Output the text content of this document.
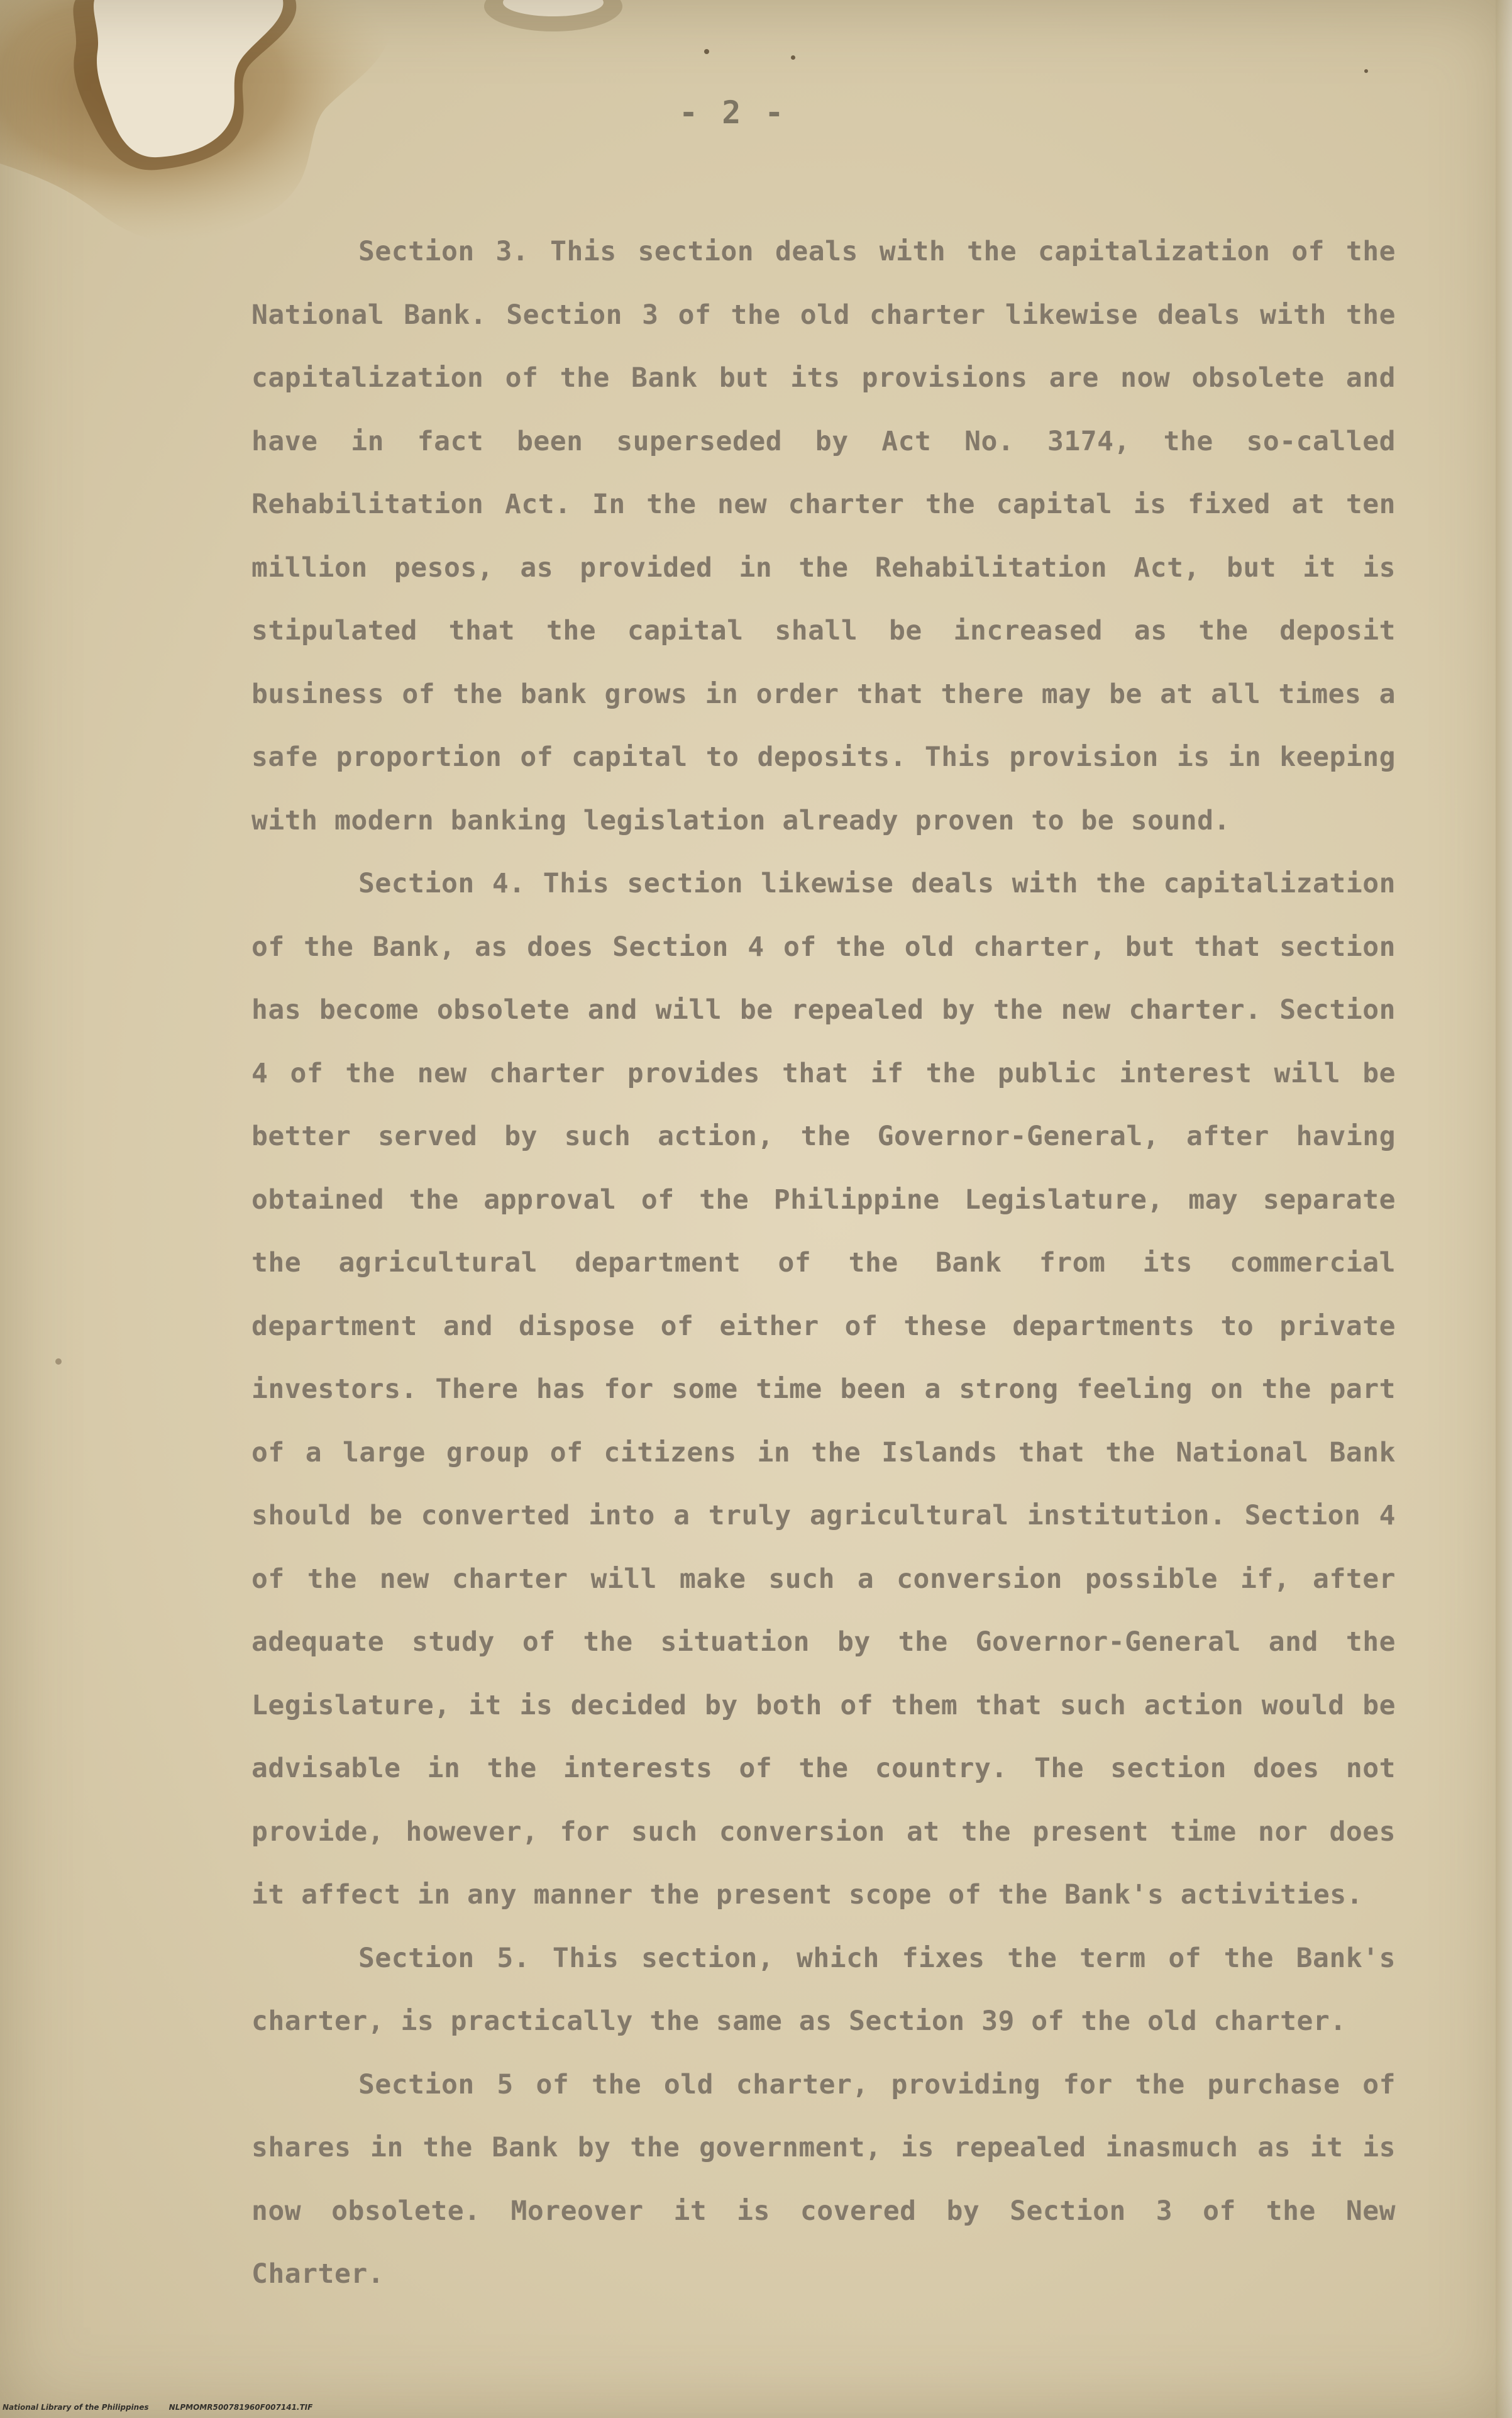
- 2 -

Section 3. This section deals with the capitalization of the National Bank. Section 3 of the old charter likewise deals with the capitalization of the Bank but its provisions are now obsolete and have in fact been superseded by Act No. 3174, the so-called Rehabilitation Act. In the new charter the capital is fixed at ten million pesos, as provided in the Rehabilitation Act, but it is stipulated that the capital shall be increased as the deposit business of the bank grows in order that there may be at all times a safe proportion of capital to deposits. This provision is in keeping with modern banking legislation already proven to be sound.

Section 4. This section likewise deals with the capitalization of the Bank, as does Section 4 of the old charter, but that section has become obsolete and will be repealed by the new charter. Section 4 of the new charter provides that if the public interest will be better served by such action, the Governor-General, after having obtained the approval of the Philippine Legislature, may separate the agricultural department of the Bank from its commercial department and dispose of either of these departments to private investors. There has for some time been a strong feeling on the part of a large group of citizens in the Islands that the National Bank should be converted into a truly agricultural institution. Section 4 of the new charter will make such a conversion possible if, after adequate study of the situation by the Governor-General and the Legislature, it is decided by both of them that such action would be advisable in the interests of the country. The section does not provide, however, for such conversion at the present time nor does it affect in any manner the present scope of the Bank's activities.

Section 5. This section, which fixes the term of the Bank's charter, is practically the same as Section 39 of the old charter.

Section 5 of the old charter, providing for the purchase of shares in the Bank by the government, is repealed inasmuch as it is now obsolete. Moreover it is covered by Section 3 of the New Charter.

National Library of the Philippines	NLPMOMR500781960F007141.TIF
